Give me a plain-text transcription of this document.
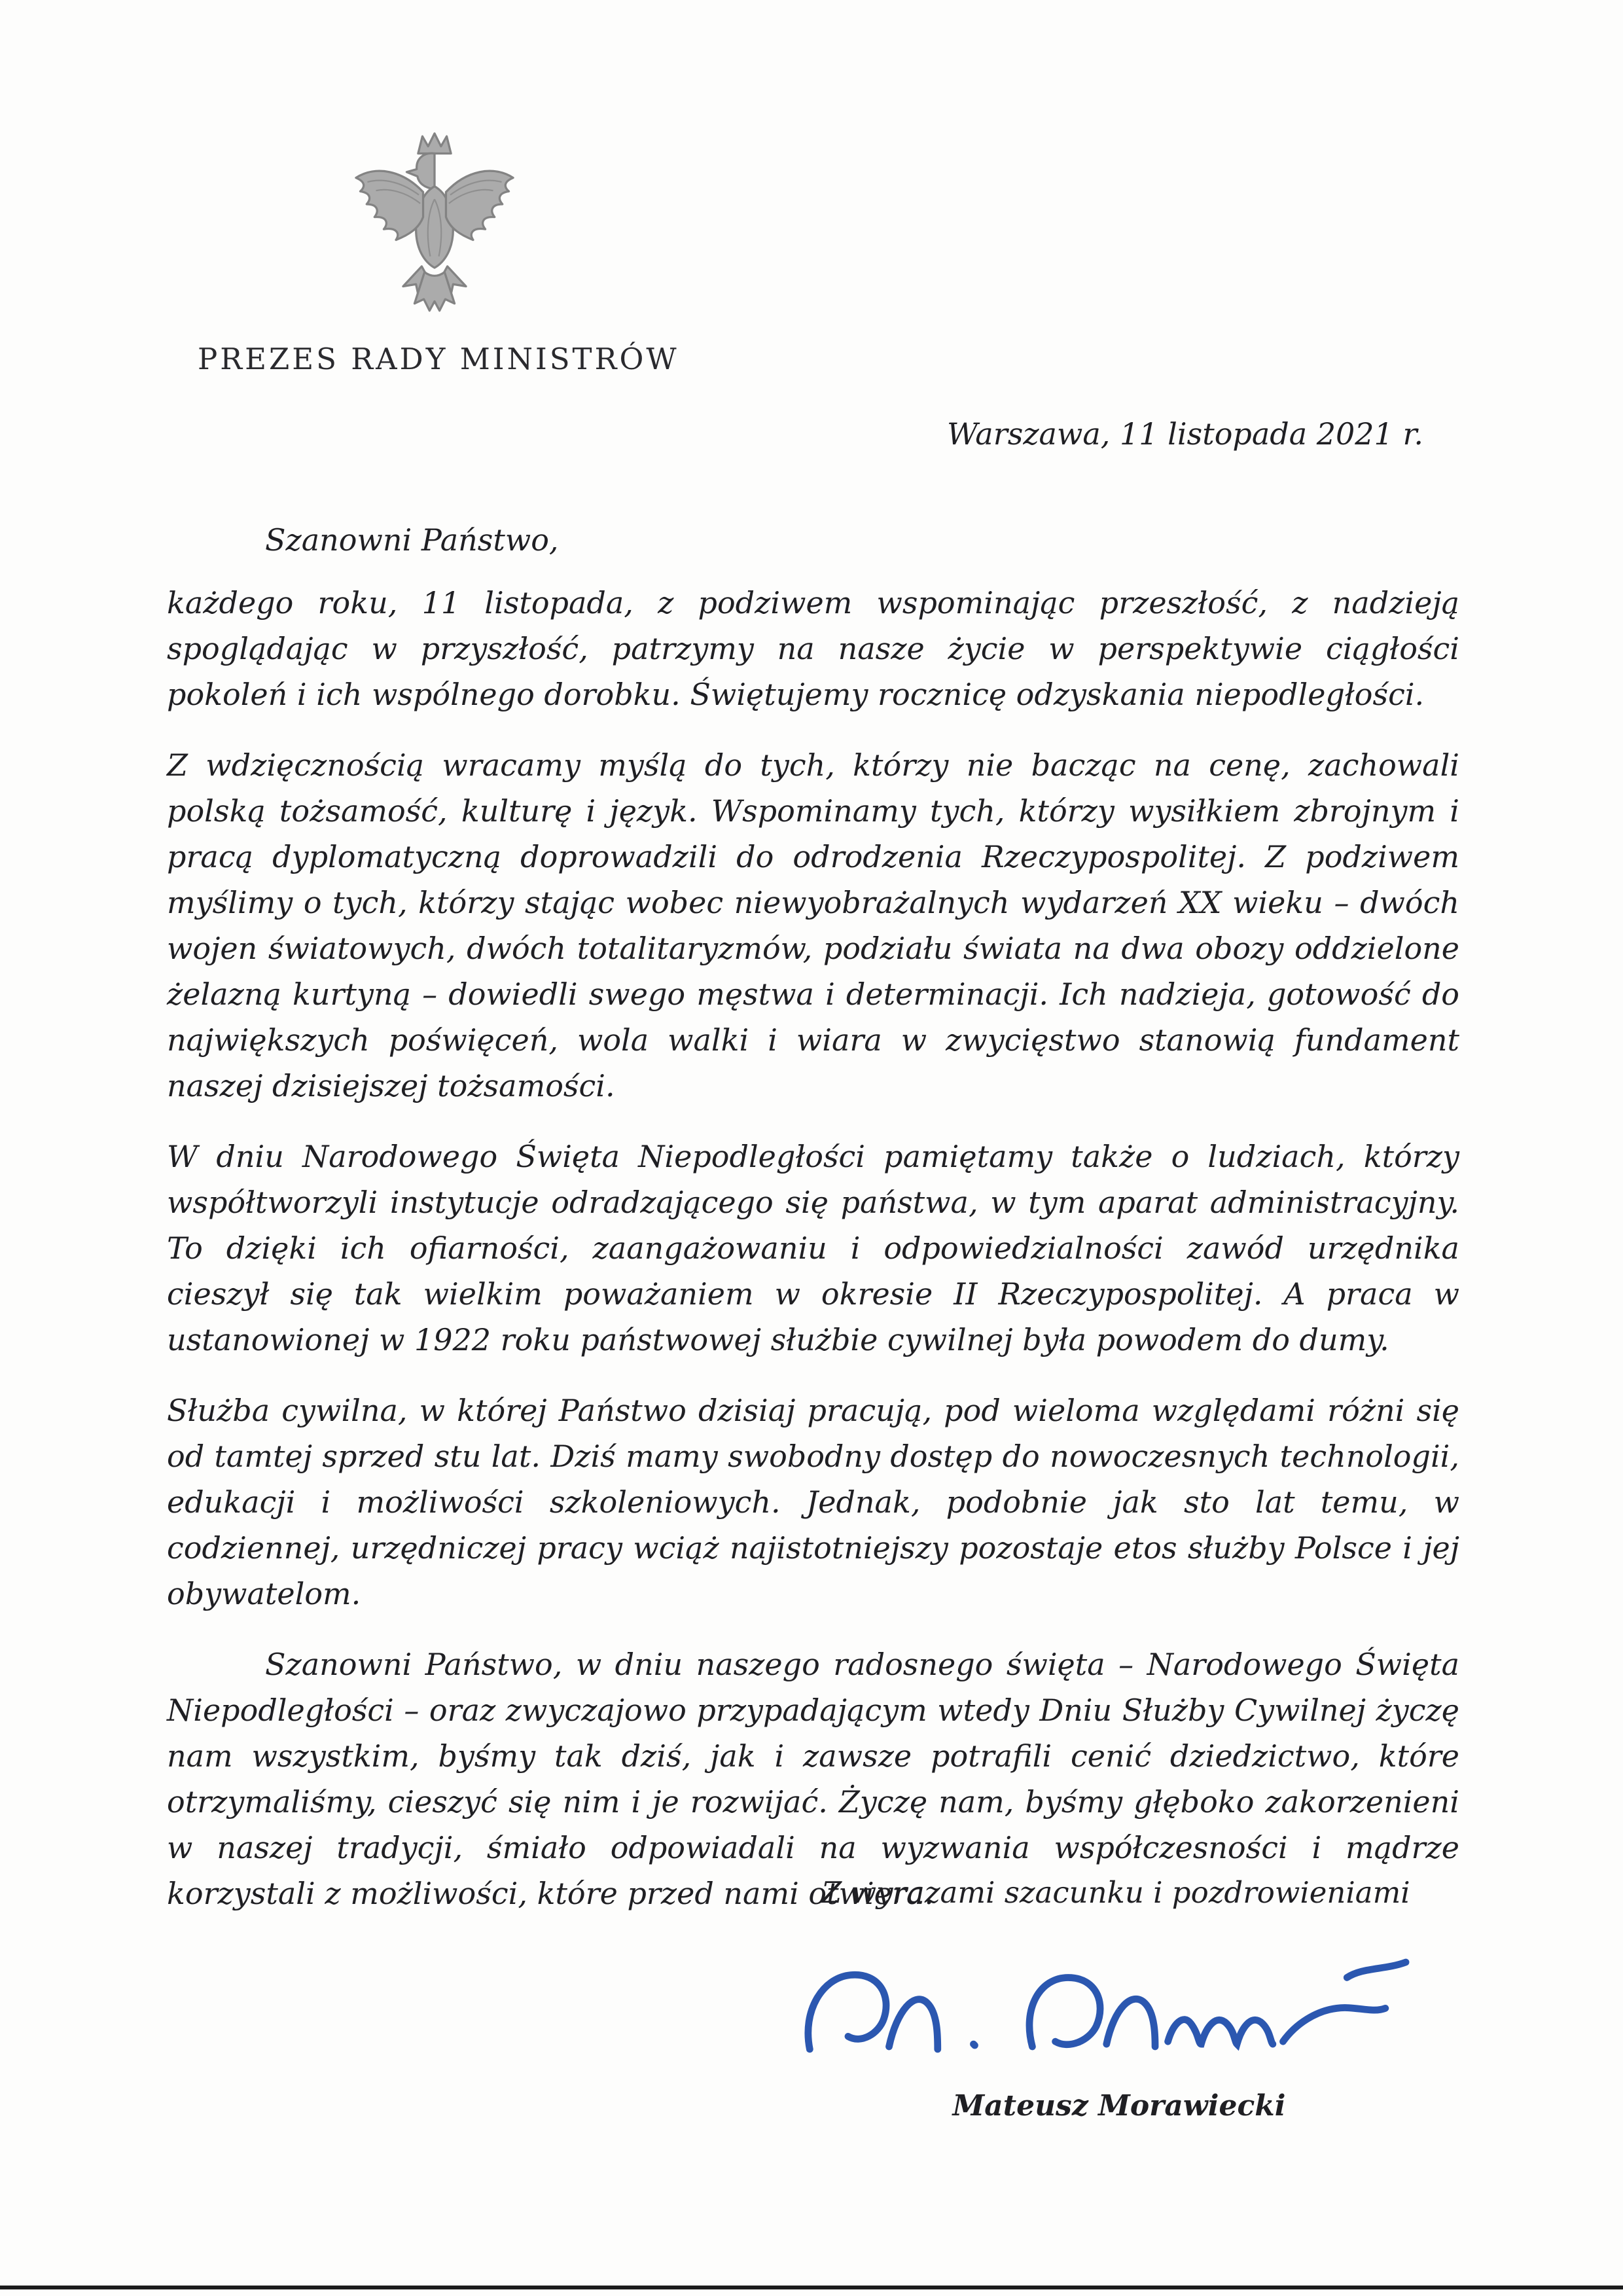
PREZES RADY MINISTRÓW
Warszawa, 11 listopada 2021 r.
Szanowni Państwo,
każdego roku, 11 listopada, z podziwem wspominając przeszłość, z nadzieją spoglądając w przyszłość, patrzymy na nasze życie w perspektywie ciągłości pokoleń i ich wspólnego dorobku. Świętujemy rocznicę odzyskania niepodległości.
Z wdzięcznością wracamy myślą do tych, którzy nie bacząc na cenę, zachowali polską tożsamość, kulturę i język. Wspominamy tych, którzy wysiłkiem zbrojnym i pracą dyplomatyczną doprowadzili do odrodzenia Rzeczypospolitej. Z podziwem myślimy o tych, którzy stając wobec niewyobrażalnych wydarzeń XX wieku – dwóch wojen światowych, dwóch totalitaryzmów, podziału świata na dwa obozy oddzielone żelazną kurtyną – dowiedli swego męstwa i determinacji. Ich nadzieja, gotowość do największych poświęceń, wola walki i wiara w zwycięstwo stanowią fundament naszej dzisiejszej tożsamości.
W dniu Narodowego Święta Niepodległości pamiętamy także o ludziach, którzy współtworzyli instytucje odradzającego się państwa, w tym aparat administracyjny. To dzięki ich ofiarności, zaangażowaniu i odpowiedzialności zawód urzędnika cieszył się tak wielkim poważaniem w okresie II Rzeczypospolitej. A praca w ustanowionej w 1922 roku państwowej służbie cywilnej była powodem do dumy.
Służba cywilna, w której Państwo dzisiaj pracują, pod wieloma względami różni się od tamtej sprzed stu lat. Dziś mamy swobodny dostęp do nowoczesnych technologii, edukacji i możliwości szkoleniowych. Jednak, podobnie jak sto lat temu, w codziennej, urzędniczej pracy wciąż najistotniejszy pozostaje etos służby Polsce i jej obywatelom.
Szanowni Państwo, w dniu naszego radosnego święta – Narodowego Święta Niepodległości – oraz zwyczajowo przypadającym wtedy Dniu Służby Cywilnej życzę nam wszystkim, byśmy tak dziś, jak i zawsze potrafili cenić dziedzictwo, które otrzymaliśmy, cieszyć się nim i je rozwijać. Życzę nam, byśmy głęboko zakorzenieni w naszej tradycji, śmiało odpowiadali na wyzwania współczesności i mądrze korzystali z możliwości, które przed nami otwiera.
Z wyrazami szacunku i pozdrowieniami
Mateusz Morawiecki
